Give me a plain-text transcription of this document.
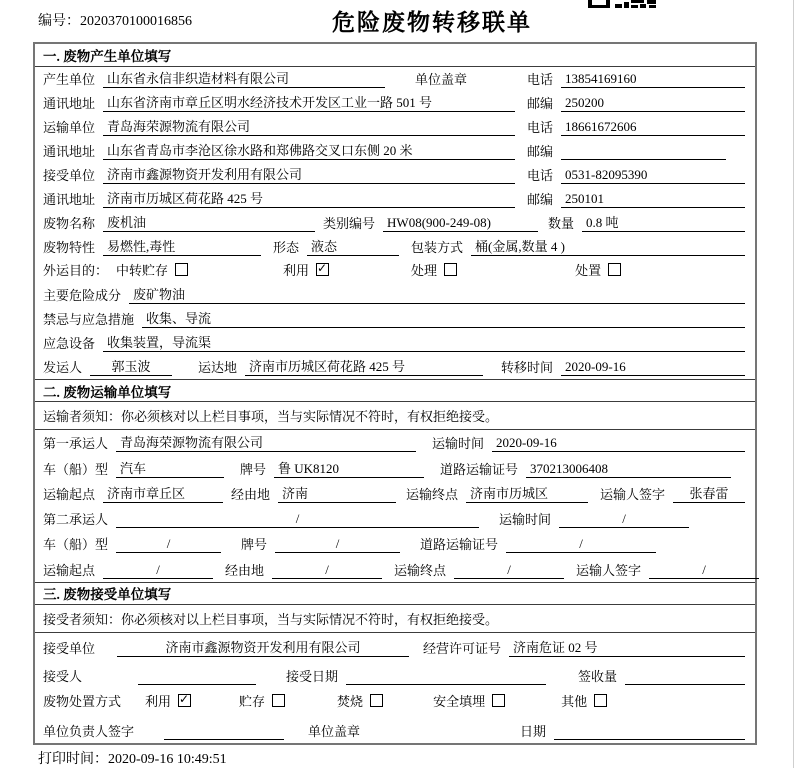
编号：2020370100016856	危险废物转移联单
一. 废物产生单位填写
产生单位 山东省永信非织造材料有限公司	单位盖章	电话 13854169160
通讯地址 山东省济南市章丘区明水经济技术开发区工业一路 501 号	邮编 250200
运输单位 青岛海荣源物流有限公司	电话 18661672606
通讯地址 山东省青岛市李沧区徐水路和郑佛路交叉口东侧 20 米	邮编
接受单位 济南市鑫源物资开发利用有限公司	电话 0531-82095390
通讯地址 济南市历城区荷花路 425 号	邮编 250101
废物名称 废机油	类别编号 HW08(900-249-08)	数量 0.8 吨
废物特性 易燃性,毒性	形态 液态	包装方式 桶(金属,数量 4 )
外运目的： 中转贮存	利用 ✓	处理	处置
主要危险成分 废矿物油
禁忌与应急措施 收集、导流
应急设备 收集装置，导流渠
发运人	郭玉波	运达地 济南市历城区荷花路 425 号	转移时间 2020-09-16
二. 废物运输单位填写
运输者须知：你必须核对以上栏目事项，当与实际情况不符时，有权拒绝接受。
第一承运人 青岛海荣源物流有限公司	运输时间 2020-09-16
车（船）型 汽车	牌号 鲁 UK8120	道路运输证号 370213006408
运输起点 济南市章丘区	经由地 济南	运输终点 济南市历城区	运输人签字	张春雷
第二承运人	/	运输时间	/
车（船）型	/	牌号	/	道路运输证号	/
运输起点	/	经由地	/	运输终点	/	运输人签字	/
三. 废物接受单位填写
接受者须知：你必须核对以上栏目事项，当与实际情况不符时，有权拒绝接受。
接受单位	济南市鑫源物资开发利用有限公司	经营许可证号 济南危证 02 号
接受人	接受日期	签收量
废物处置方式 利用 ✓	贮存	焚烧	安全填埋	其他
单位负责人签字	单位盖章	日期
打印时间：2020-09-16 10:49:51
